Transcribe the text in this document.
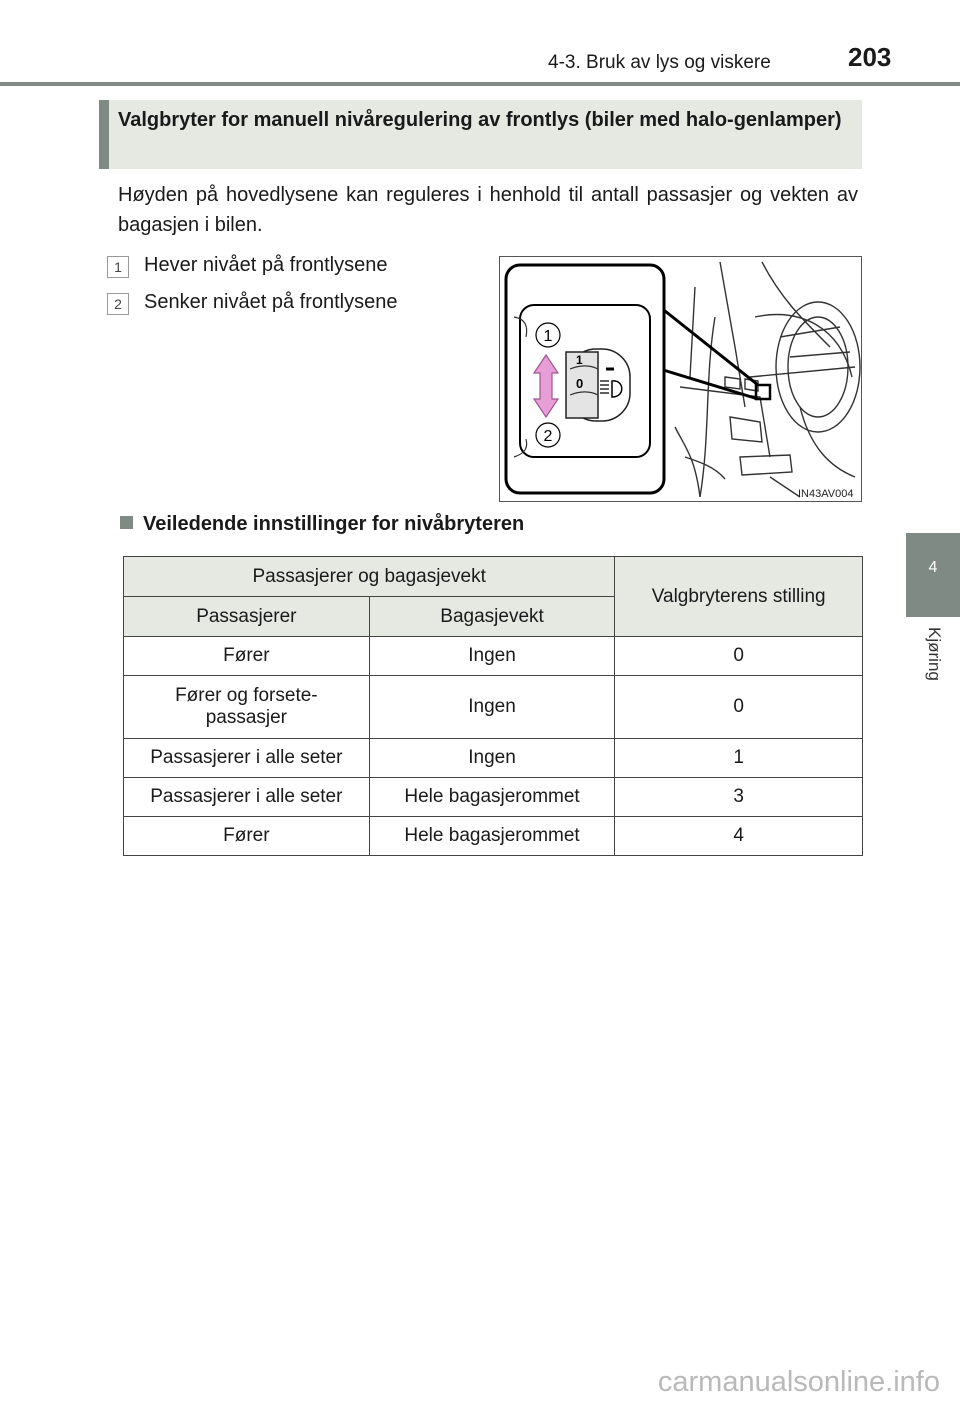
4-3. Bruk av lys og viskere	203
4
Kjøring
Valgbryter for manuell nivåregulering av frontlys (biler med halo-genlamper)
Høyden på hovedlysene kan reguleres i henhold til antall passasjer og vekten av bagasjen i bilen.
1	Hever nivået på frontlysene
2	Senker nivået på frontlysene
1
0
1
2
IN43AV004
Veiledende innstillinger for nivåbryteren
Passasjerer og bagasjevekt		Valgbryterens stilling
Passasjerer	Bagasjevekt	
Fører	Ingen	0
Fører og forsete-passasjer	Ingen	0
Passasjerer i alle seter	Ingen	1
Passasjerer i alle seter	Hele bagasjerommet	3
Fører	Hele bagasjerommet	4
carmanualsonline.info
